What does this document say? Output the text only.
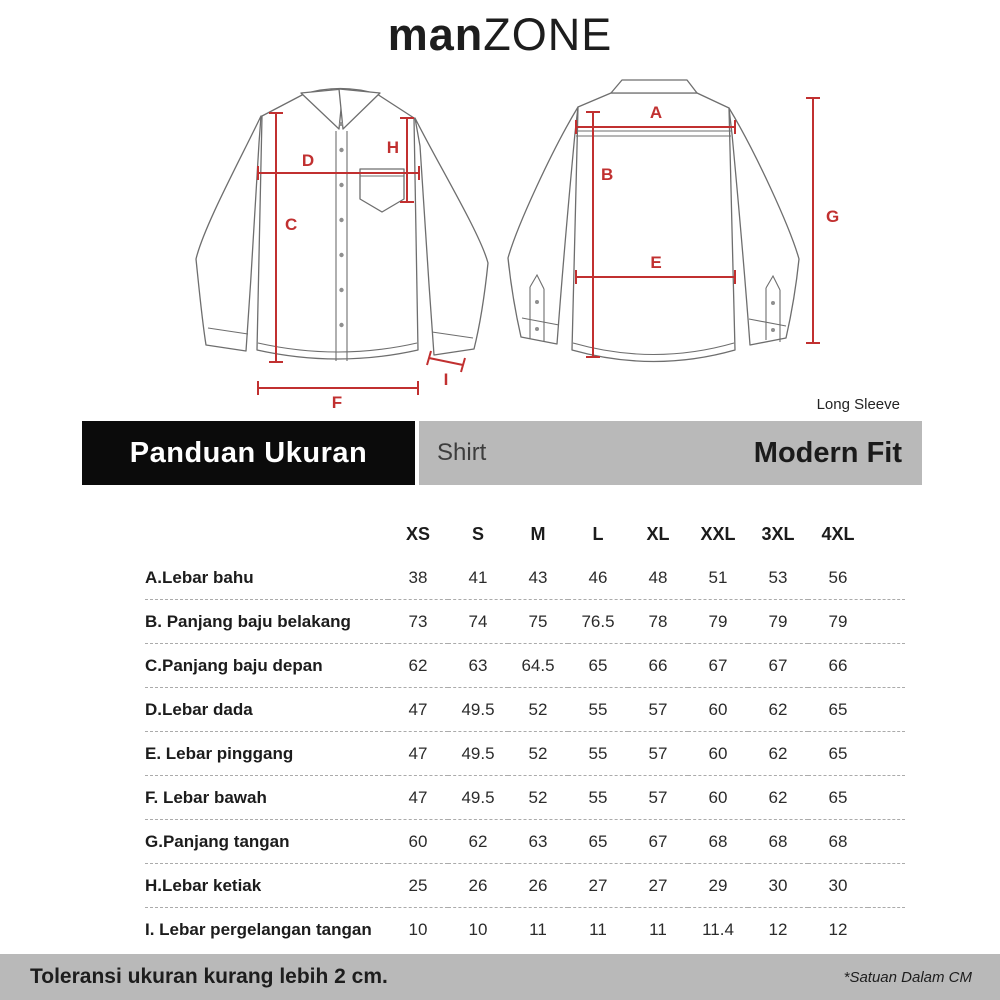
manZONE
D
C
H
F
I
A
B
E
G
Long Sleeve
Panduan Ukuran	Shirt	Modern Fit
	XS	S	M	L	XL	XXL	3XL	4XL	
A.Lebar bahu	38	41	43	46	48	51	53	56	
B. Panjang baju belakang	73	74	75	76.5	78	79	79	79	
C.Panjang baju depan	62	63	64.5	65	66	67	67	66	
D.Lebar dada	47	49.5	52	55	57	60	62	65	
E. Lebar pinggang	47	49.5	52	55	57	60	62	65	
F. Lebar bawah	47	49.5	52	55	57	60	62	65	
G.Panjang tangan	60	62	63	65	67	68	68	68	
H.Lebar ketiak	25	26	26	27	27	29	30	30	
I. Lebar pergelangan tangan	10	10	11	11	11	11.4	12	12	
Toleransi ukuran kurang lebih 2 cm.	*Satuan Dalam CM
